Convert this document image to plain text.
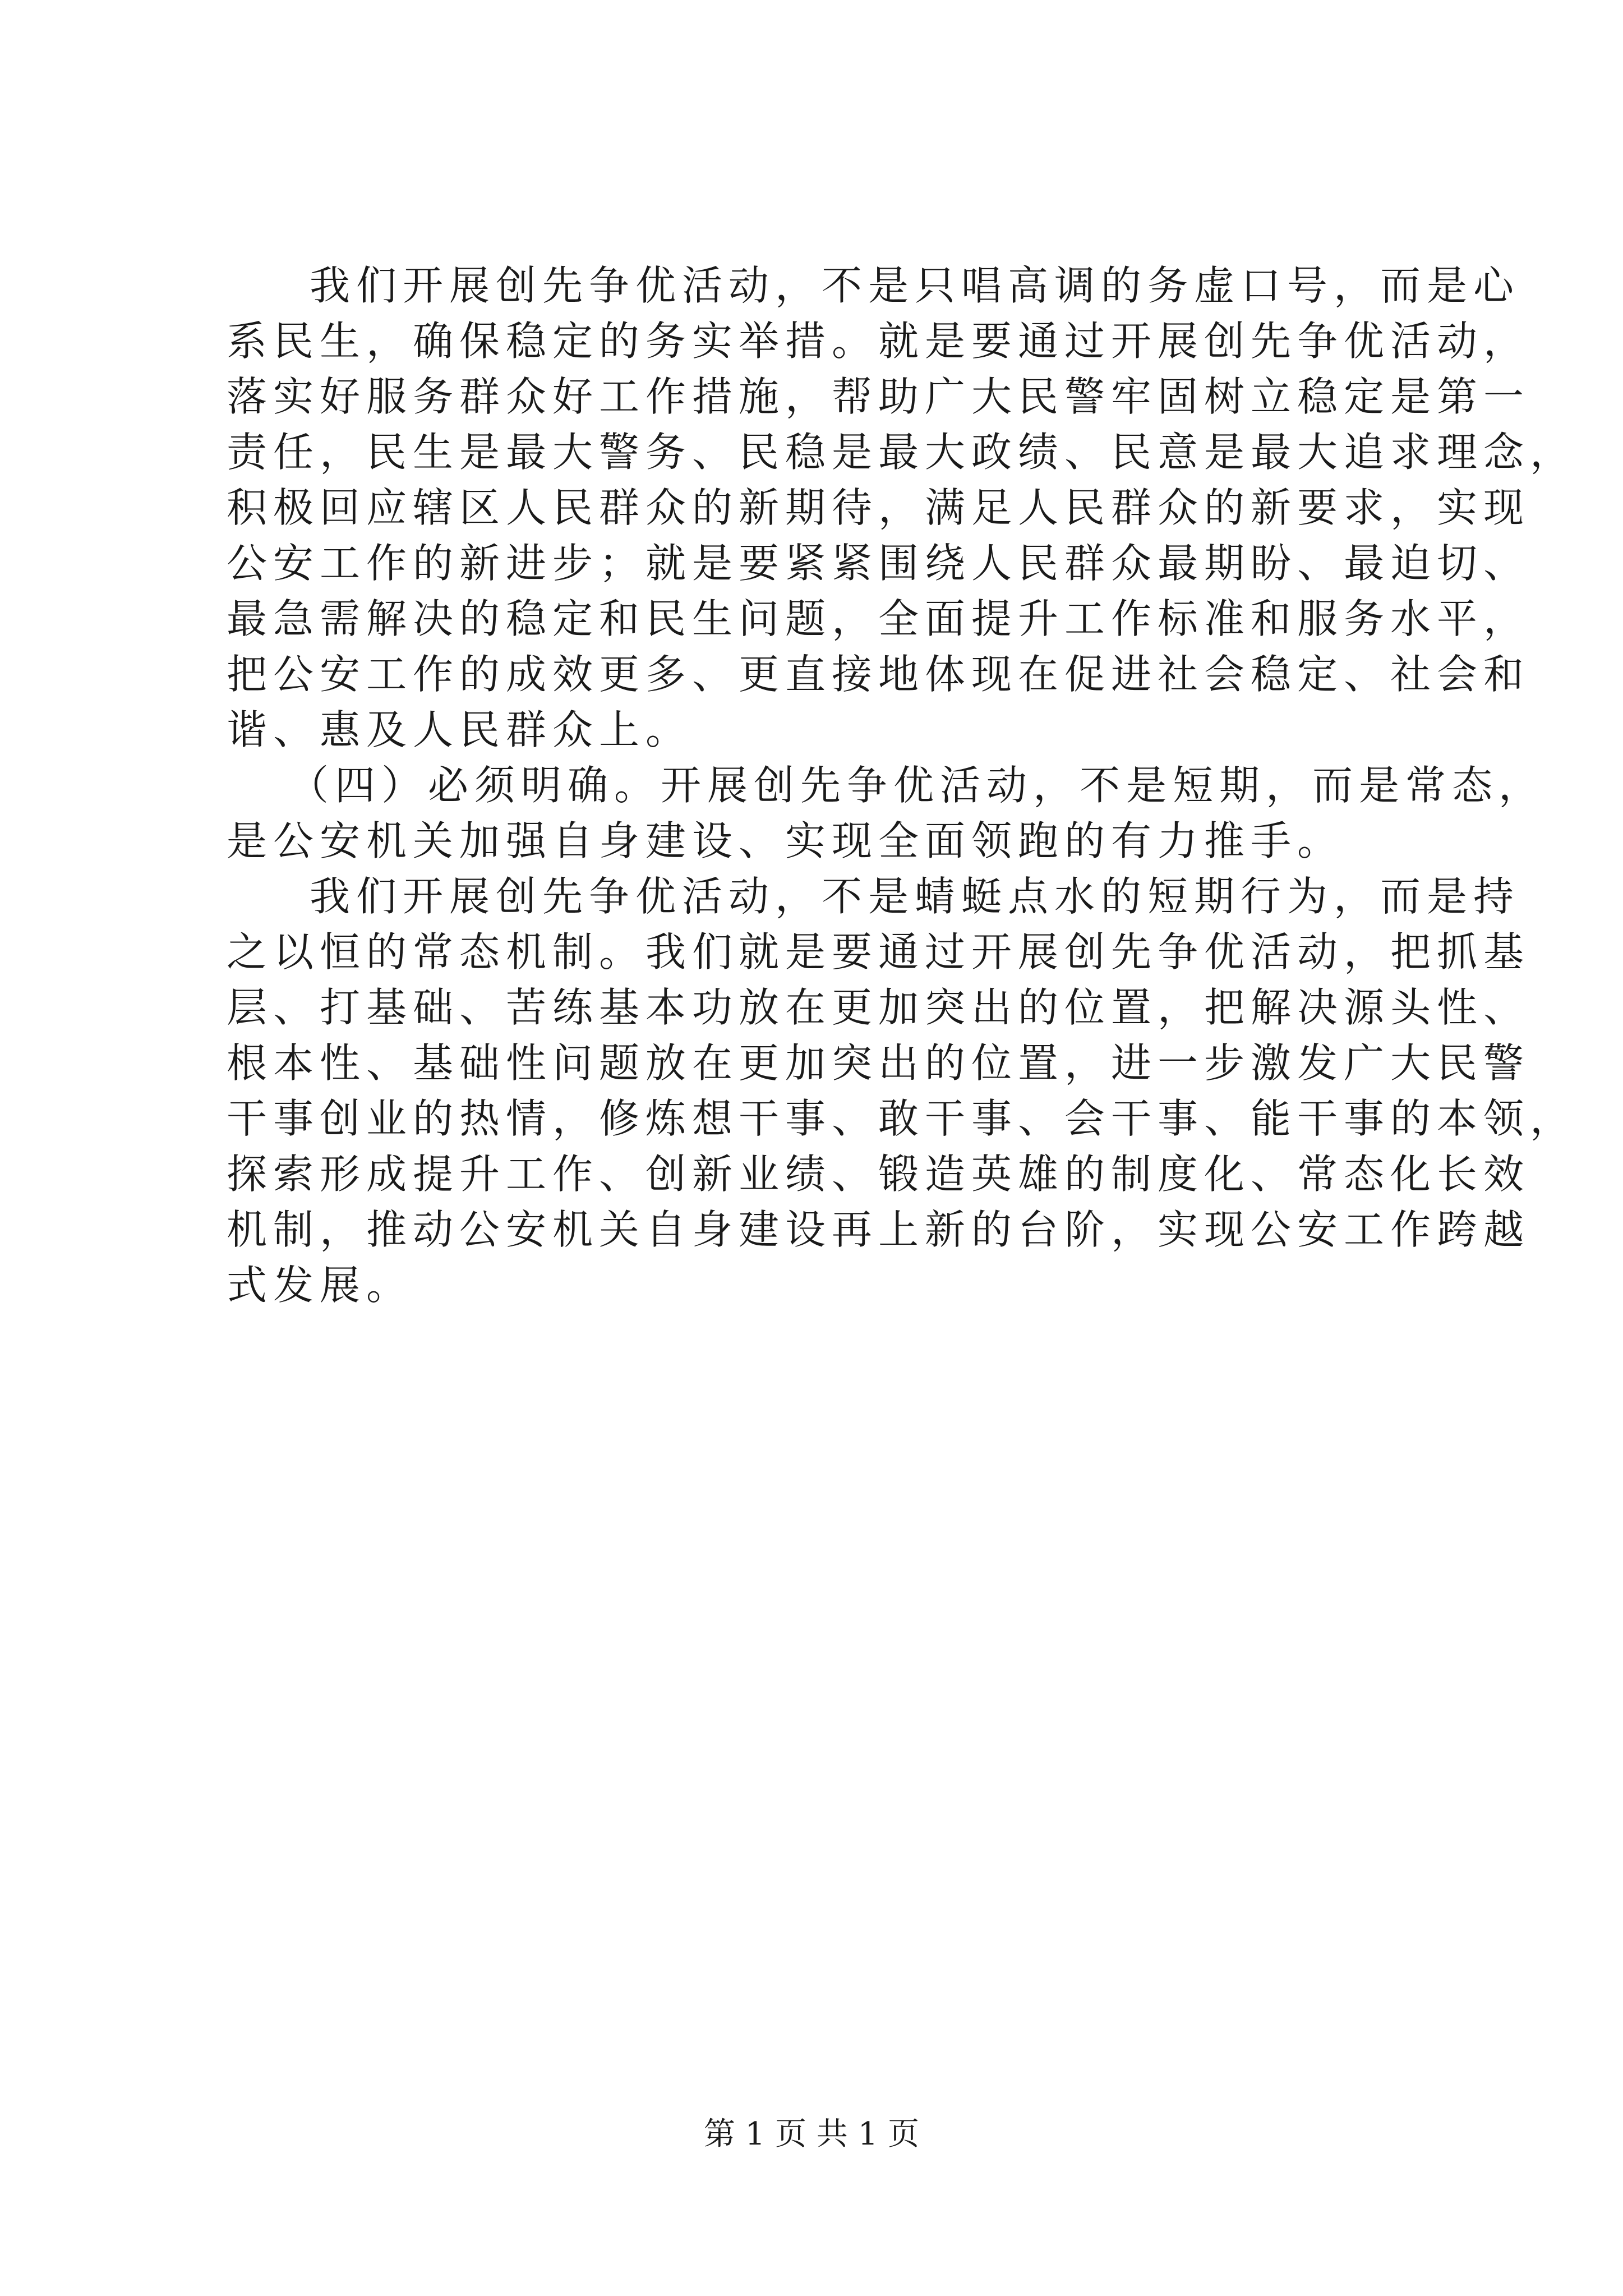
我们开展创先争优活动，不是只唱高调的务虚口号，而是心
系民生，确保稳定的务实举措。就是要通过开展创先争优活动，
落实好服务群众好工作措施，帮助广大民警牢固树立稳定是第一
责任，民生是最大警务、民稳是最大政绩、民意是最大追求理念，
积极回应辖区人民群众的新期待，满足人民群众的新要求，实现
公安工作的新进步；就是要紧紧围绕人民群众最期盼、最迫切、
最急需解决的稳定和民生问题，全面提升工作标准和服务水平，
把公安工作的成效更多、更直接地体现在促进社会稳定、社会和
谐、惠及人民群众上。
（四）必须明确。开展创先争优活动，不是短期，而是常态，
是公安机关加强自身建设、实现全面领跑的有力推手。
我们开展创先争优活动，不是蜻蜓点水的短期行为，而是持
之以恒的常态机制。我们就是要通过开展创先争优活动，把抓基
层、打基础、苦练基本功放在更加突出的位置，把解决源头性、
根本性、基础性问题放在更加突出的位置，进一步激发广大民警
干事创业的热情，修炼想干事、敢干事、会干事、能干事的本领，
探索形成提升工作、创新业绩、锻造英雄的制度化、常态化长效
机制，推动公安机关自身建设再上新的台阶，实现公安工作跨越
式发展。
第 1 页 共 1 页
